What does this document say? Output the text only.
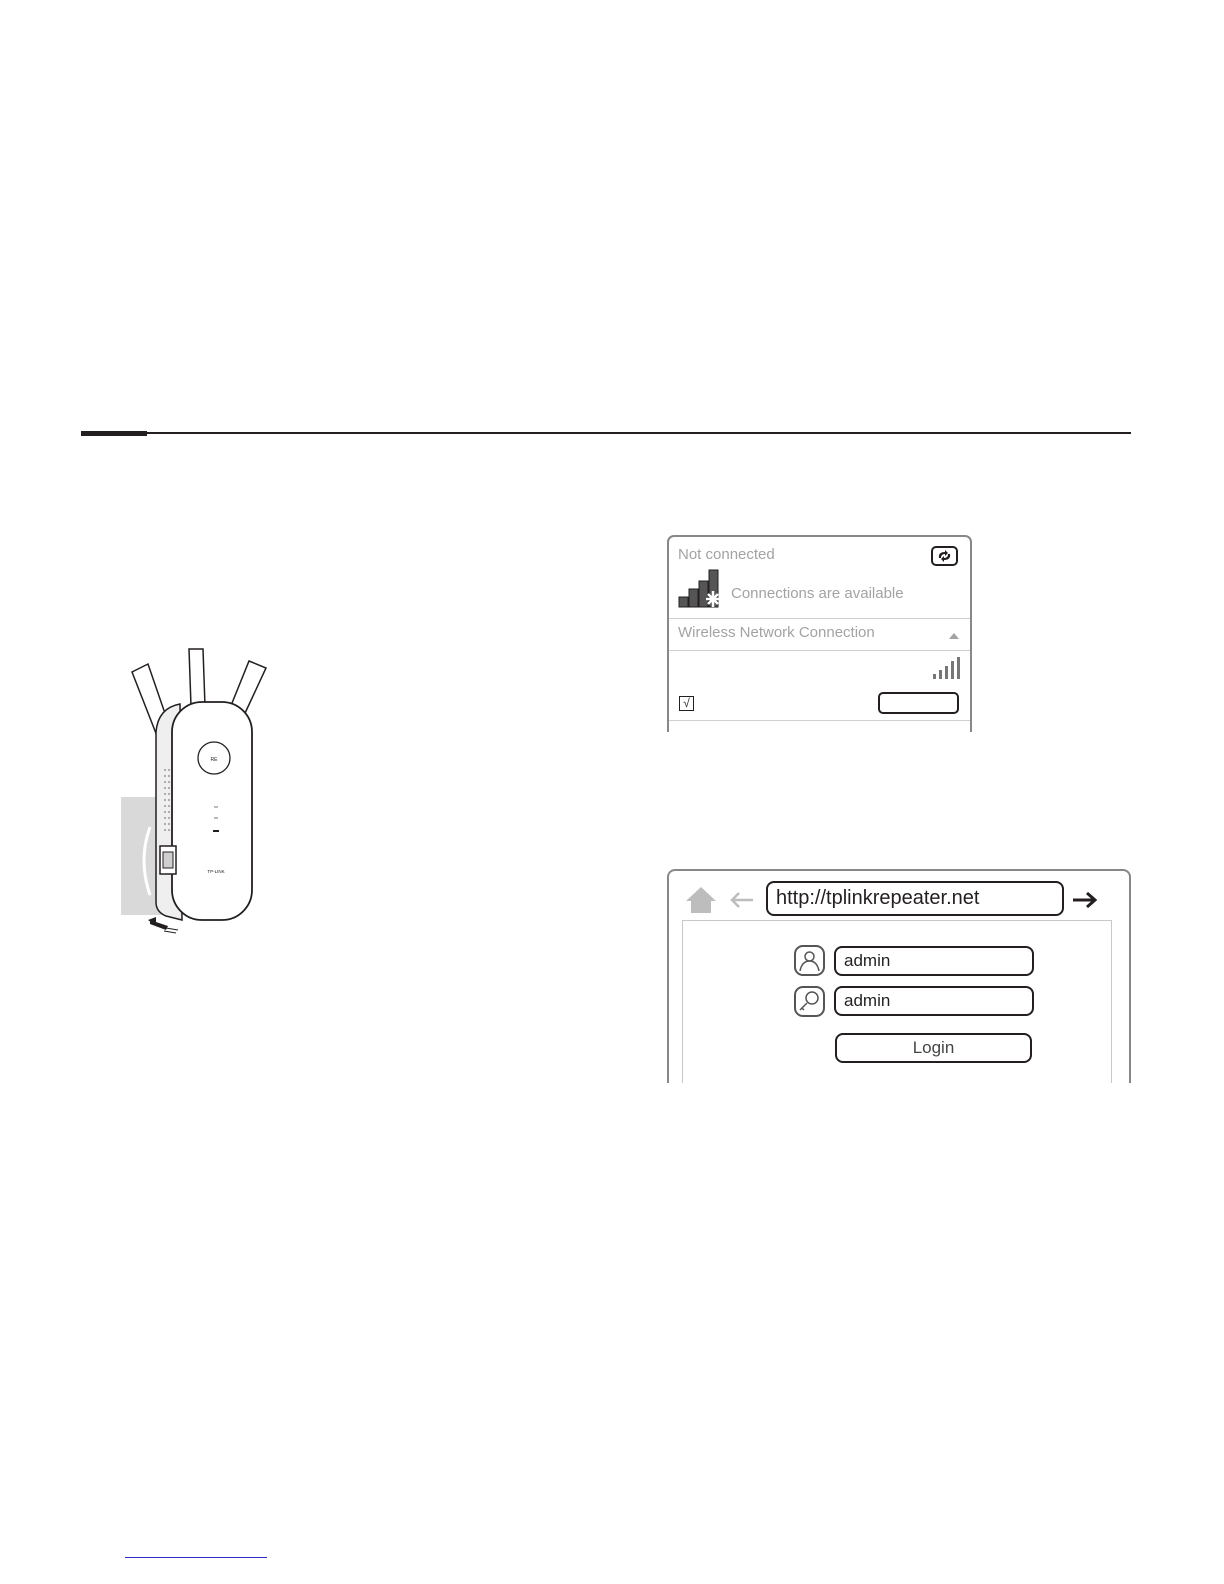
RE
TP-LINK
Not connected
Connections are available
Wireless Network Connection
√
http://tplinkrepeater.net
admin
admin
Login
